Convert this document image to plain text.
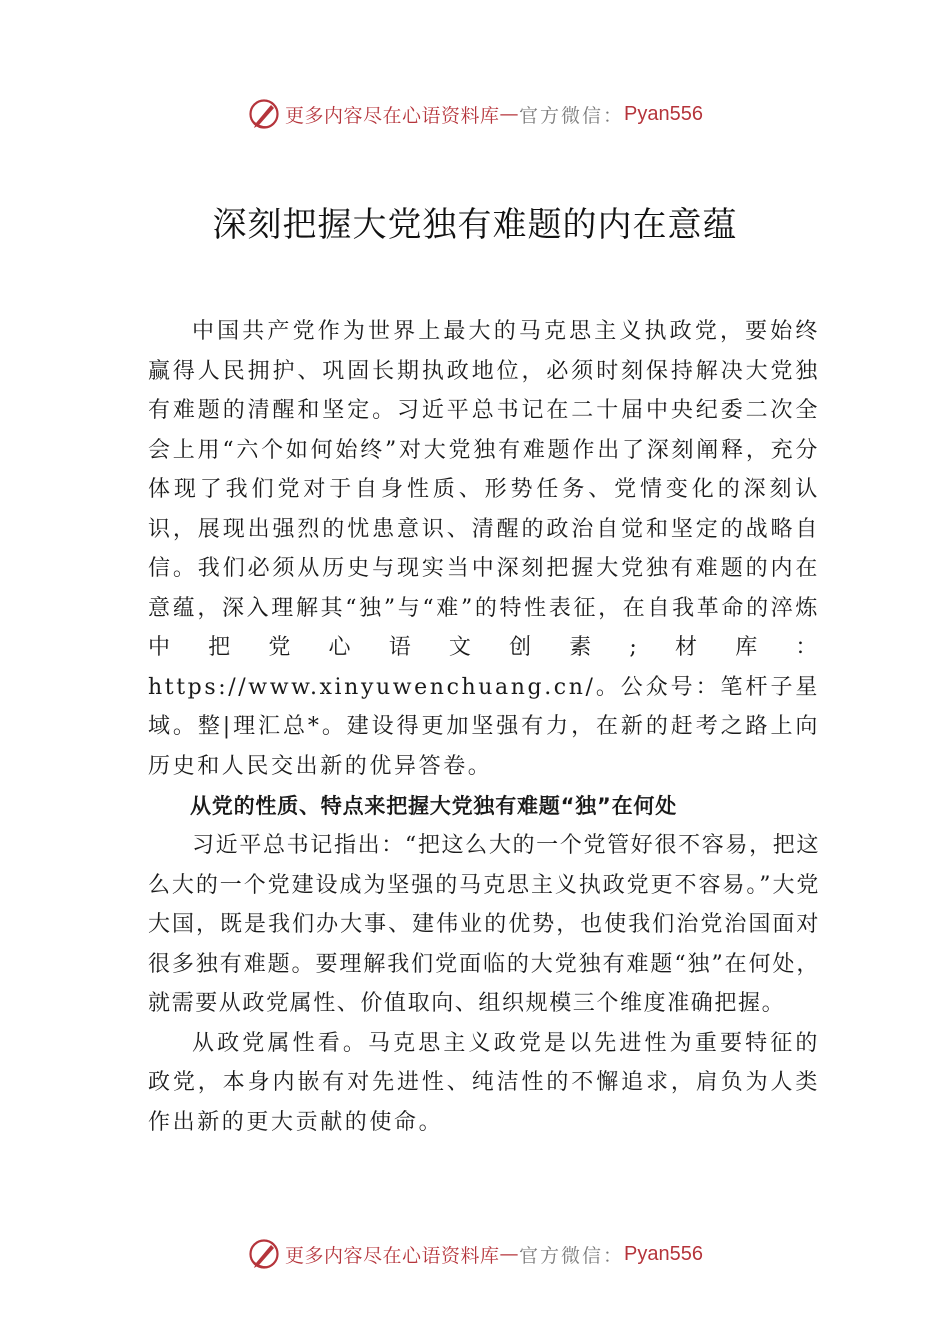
更多内容尽在心语资料库 — 官方微信： Pyan556
深刻把握大党独有难题的内在意蕴

中国共产党作为世界上最大的马克思主义执政党，要始终赢得人民拥护、巩固长期执政地位，必须时刻保持解决大党独有难题的清醒和坚定。习近平总书记在二十届中央纪委二次全会上用“六个如何始终”对大党独有难题作出了深刻阐释，充分体现了我们党对于自身性质、形势任务、党情变化的深刻认识，展现出强烈的忧患意识、清醒的政治自觉和坚定的战略自信。我们必须从历史与现实当中深刻把握大党独有难题的内在意蕴，深入理解其“独”与“难”的特性表征，在自我革命的淬炼中把党心语文创素;材库：https://www.xinyuwenchuang.cn/。公众号：笔杆子星域。整|理汇总*。建设得更加坚强有力，在新的赶考之路上向历史和人民交出新的优异答卷。

从党的性质、特点来把握大党独有难题“独”在何处

习近平总书记指出：“把这么大的一个党管好很不容易，把这么大的一个党建设成为坚强的马克思主义执政党更不容易。”大党大国，既是我们办大事、建伟业的优势，也使我们治党治国面对很多独有难题。要理解我们党面临的大党独有难题“独”在何处，就需要从政党属性、价值取向、组织规模三个维度准确把握。

从政党属性看。马克思主义政党是以先进性为重要特征的政党，本身内嵌有对先进性、纯洁性的不懈追求，肩负为人类作出新的更大贡献的使命。

更多内容尽在心语资料库 — 官方微信： Pyan556
